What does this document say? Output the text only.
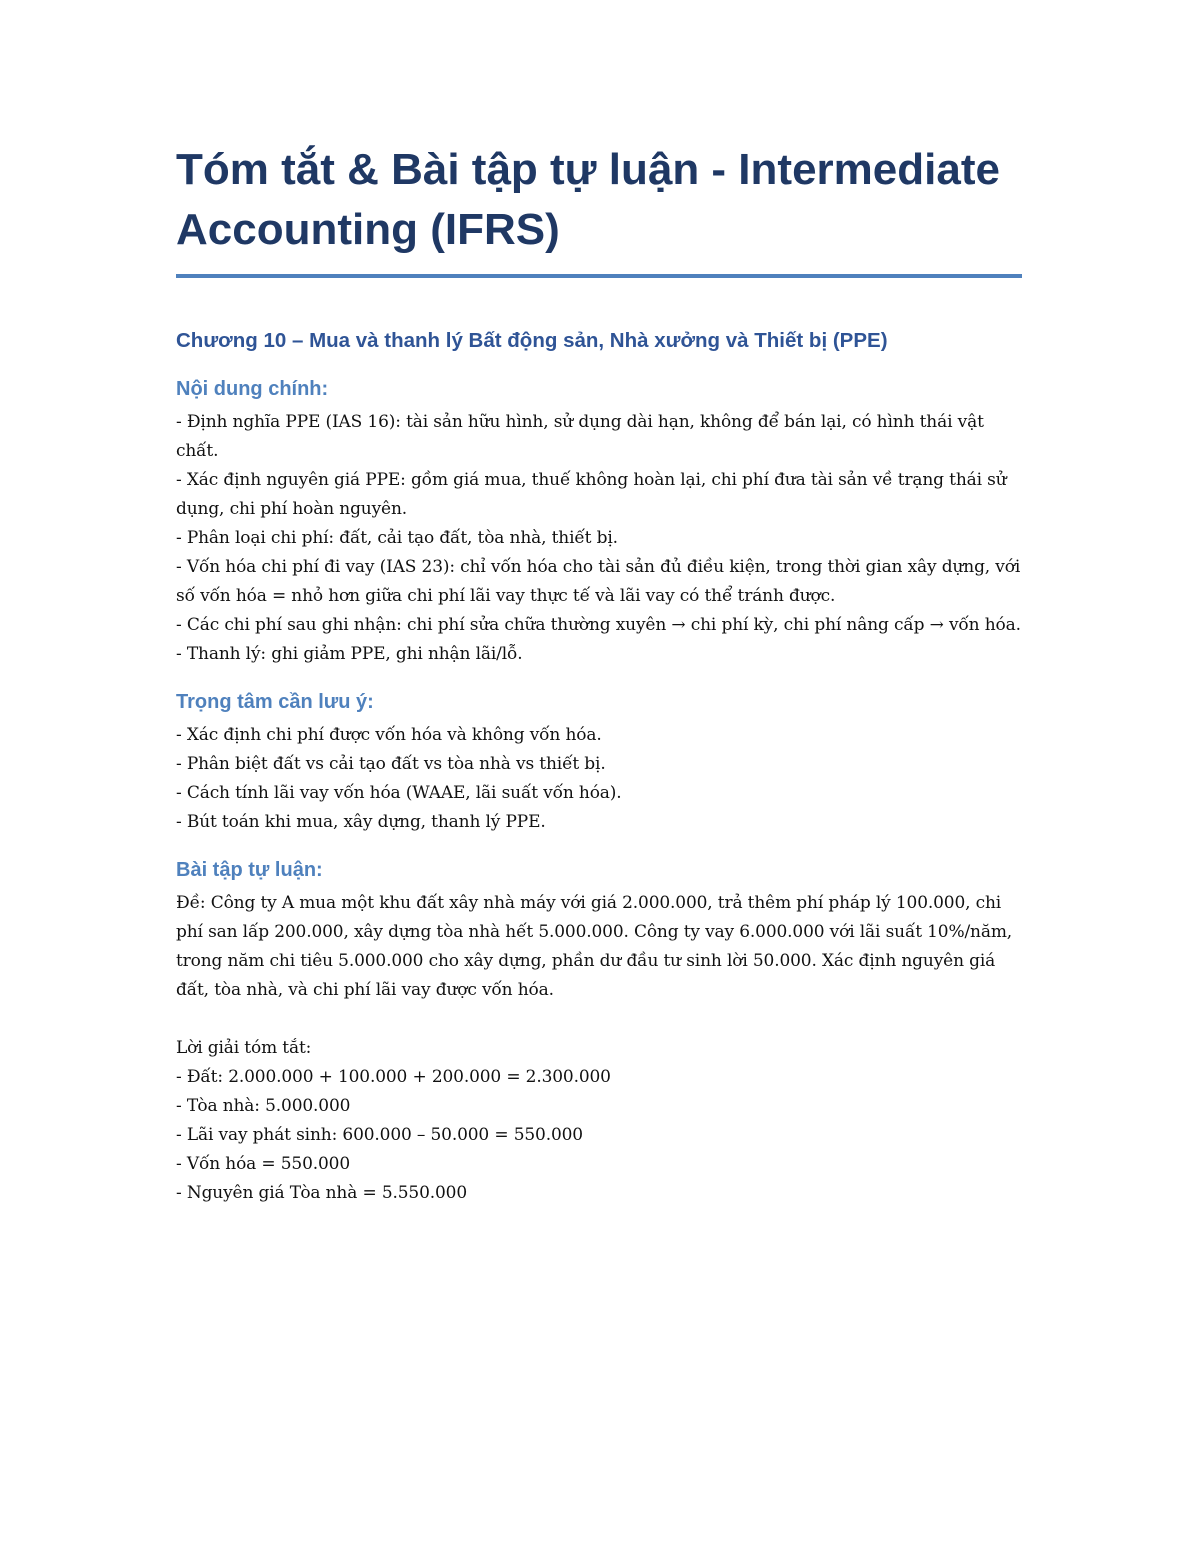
Tóm tắt & Bài tập tự luận - Intermediate Accounting (IFRS)
Chương 10 – Mua và thanh lý Bất động sản, Nhà xưởng và Thiết bị (PPE)
Nội dung chính:

- Định nghĩa PPE (IAS 16): tài sản hữu hình, sử dụng dài hạn, không để bán lại, có hình thái vật chất.

- Xác định nguyên giá PPE: gồm giá mua, thuế không hoàn lại, chi phí đưa tài sản về trạng thái sử dụng, chi phí hoàn nguyên.

- Phân loại chi phí: đất, cải tạo đất, tòa nhà, thiết bị.

- Vốn hóa chi phí đi vay (IAS 23): chỉ vốn hóa cho tài sản đủ điều kiện, trong thời gian xây dựng, với số vốn hóa = nhỏ hơn giữa chi phí lãi vay thực tế và lãi vay có thể tránh được.

- Các chi phí sau ghi nhận: chi phí sửa chữa thường xuyên → chi phí kỳ, chi phí nâng cấp → vốn hóa.

- Thanh lý: ghi giảm PPE, ghi nhận lãi/lỗ.

Trọng tâm cần lưu ý:

- Xác định chi phí được vốn hóa và không vốn hóa.

- Phân biệt đất vs cải tạo đất vs tòa nhà vs thiết bị.

- Cách tính lãi vay vốn hóa (WAAE, lãi suất vốn hóa).

- Bút toán khi mua, xây dựng, thanh lý PPE.

Bài tập tự luận:

Đề: Công ty A mua một khu đất xây nhà máy với giá 2.000.000, trả thêm phí pháp lý 100.000, chi phí san lấp 200.000, xây dựng tòa nhà hết 5.000.000. Công ty vay 6.000.000 với lãi suất 10%/năm, trong năm chi tiêu 5.000.000 cho xây dựng, phần dư đầu tư sinh lời 50.000. Xác định nguyên giá đất, tòa nhà, và chi phí lãi vay được vốn hóa.

Lời giải tóm tắt:

- Đất: 2.000.000 + 100.000 + 200.000 = 2.300.000

- Tòa nhà: 5.000.000

- Lãi vay phát sinh: 600.000 – 50.000 = 550.000

- Vốn hóa = 550.000

- Nguyên giá Tòa nhà = 5.550.000
